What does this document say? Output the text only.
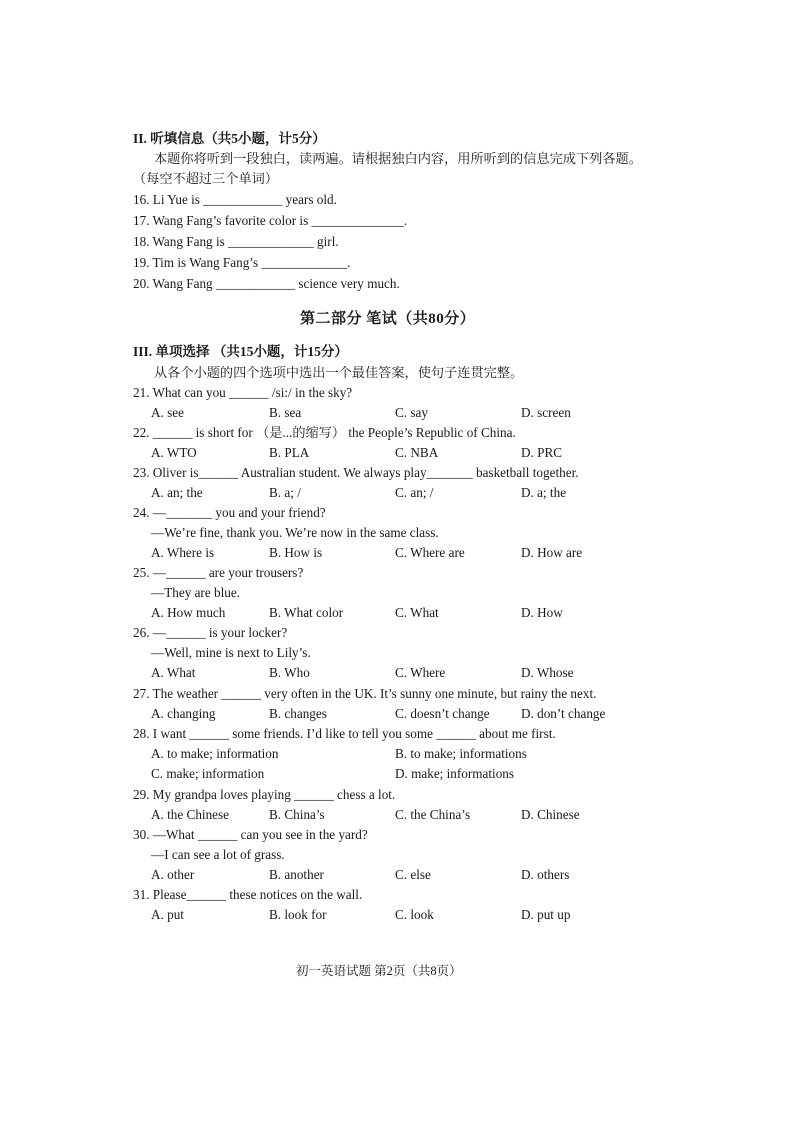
II. 听填信息（共5小题，计5分）
本题你将听到一段独白，读两遍。请根据独白内容，用所听到的信息完成下列各题。
（每空不超过三个单词）
16. Li Yue is ____________ years old.
17. Wang Fang’s favorite color is ______________.
18. Wang Fang is _____________ girl.
19. Tim is Wang Fang’s _____________.
20. Wang Fang ____________ science very much.
第二部分 笔试（共80分）
III. 单项选择 （共15小题，计15分）
从各个小题的四个选项中选出一个最佳答案，使句子连贯完整。
21. What can you ______ /si:/ in the sky?
A. see	B. sea	C. say	D. screen
22. ______ is short for （是...的缩写） the People’s Republic of China.
A. WTO	B. PLA	C. NBA	D. PRC
23. Oliver is______ Australian student. We always play_______ basketball together.
A. an; the	B. a; /	C. an; /	D. a; the
24. —_______ you and your friend?
—We’re fine, thank you. We’re now in the same class.
A. Where is	B. How is	C. Where are	D. How are
25. —______ are your trousers?
—They are blue.
A. How much	B. What color	C. What	D. How
26. —______ is your locker?
—Well, mine is next to Lily’s.
A. What	B. Who	C. Where	D. Whose
27. The weather ______ very often in the UK. It’s sunny one minute, but rainy the next.
A. changing	B. changes	C. doesn’t change D. don’t change
28. I want ______ some friends. I’d like to tell you some ______ about me first.
A. to make; information	B. to make; informations
C. make; information	D. make; informations
29. My grandpa loves playing ______ chess a lot.
A. the Chinese	B. China’s	C. the China’s	D. Chinese
30. —What ______ can you see in the yard?
—I can see a lot of grass.
A. other	B. another	C. else	D. others
31. Please______ these notices on the wall.
A. put	B. look for	C. look	D. put up
初一英语试题 第2页（共8页）
